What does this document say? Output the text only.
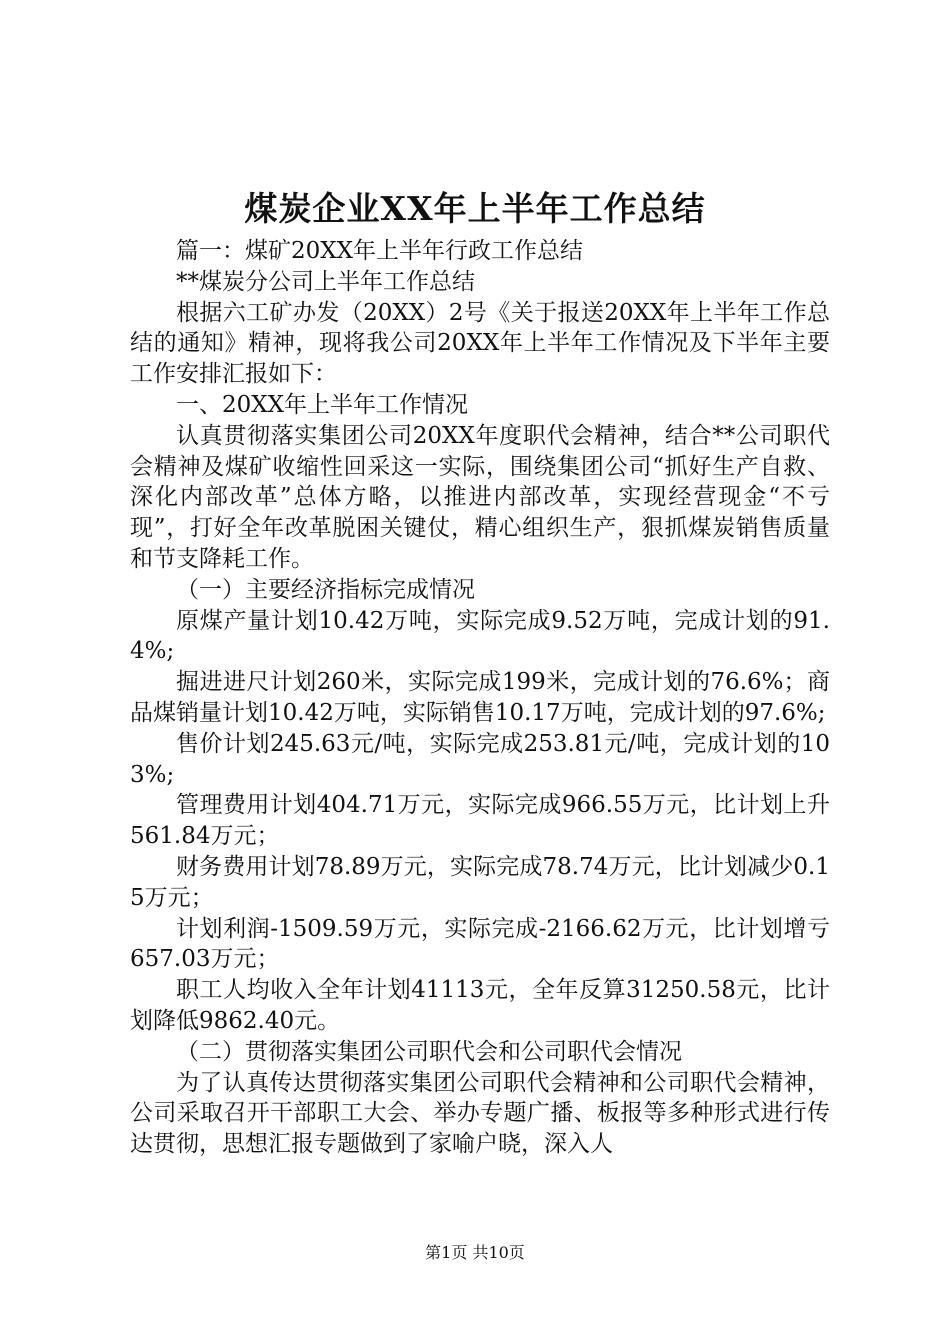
煤炭企业XX年上半年工作总结

篇一：煤矿20XX年上半年行政工作总结

**煤炭分公司上半年工作总结

根据六工矿办发（20XX）2号《关于报送20XX年上半年工作总结的通知》精神，现将我公司20XX年上半年工作情况及下半年主要工作安排汇报如下：

一、20XX年上半年工作情况

认真贯彻落实集团公司20XX年度职代会精神，结合**公司职代会精神及煤矿收缩性回采这一实际，围绕集团公司“抓好生产自救、深化内部改革”总体方略，以推进内部改革，实现经营现金“不亏现”，打好全年改革脱困关键仗，精心组织生产，狠抓煤炭销售质量和节支降耗工作。

（一）主要经济指标完成情况

原煤产量计划10.42万吨，实际完成9.52万吨，完成计划的91.4%;

掘进进尺计划260米，实际完成199米，完成计划的76.6%；商品煤销量计划10.42万吨，实际销售10.17万吨，完成计划的97.6%;

售价计划245.63元/吨，实际完成253.81元/吨，完成计划的103%;

管理费用计划404.71万元，实际完成966.55万元，比计划上升561.84万元；

财务费用计划78.89万元，实际完成78.74万元，比计划减少0.15万元；

计划利润-1509.59万元，实际完成-2166.62万元，比计划增亏657.03万元；

职工人均收入全年计划41113元，全年反算31250.58元，比计划降低9862.40元。

（二）贯彻落实集团公司职代会和公司职代会情况

为了认真传达贯彻落实集团公司职代会精神和公司职代会精神，公司采取召开干部职工大会、举办专题广播、板报等多种形式进行传达贯彻，思想汇报专题做到了家喻户晓，深入人

第1页 共10页
